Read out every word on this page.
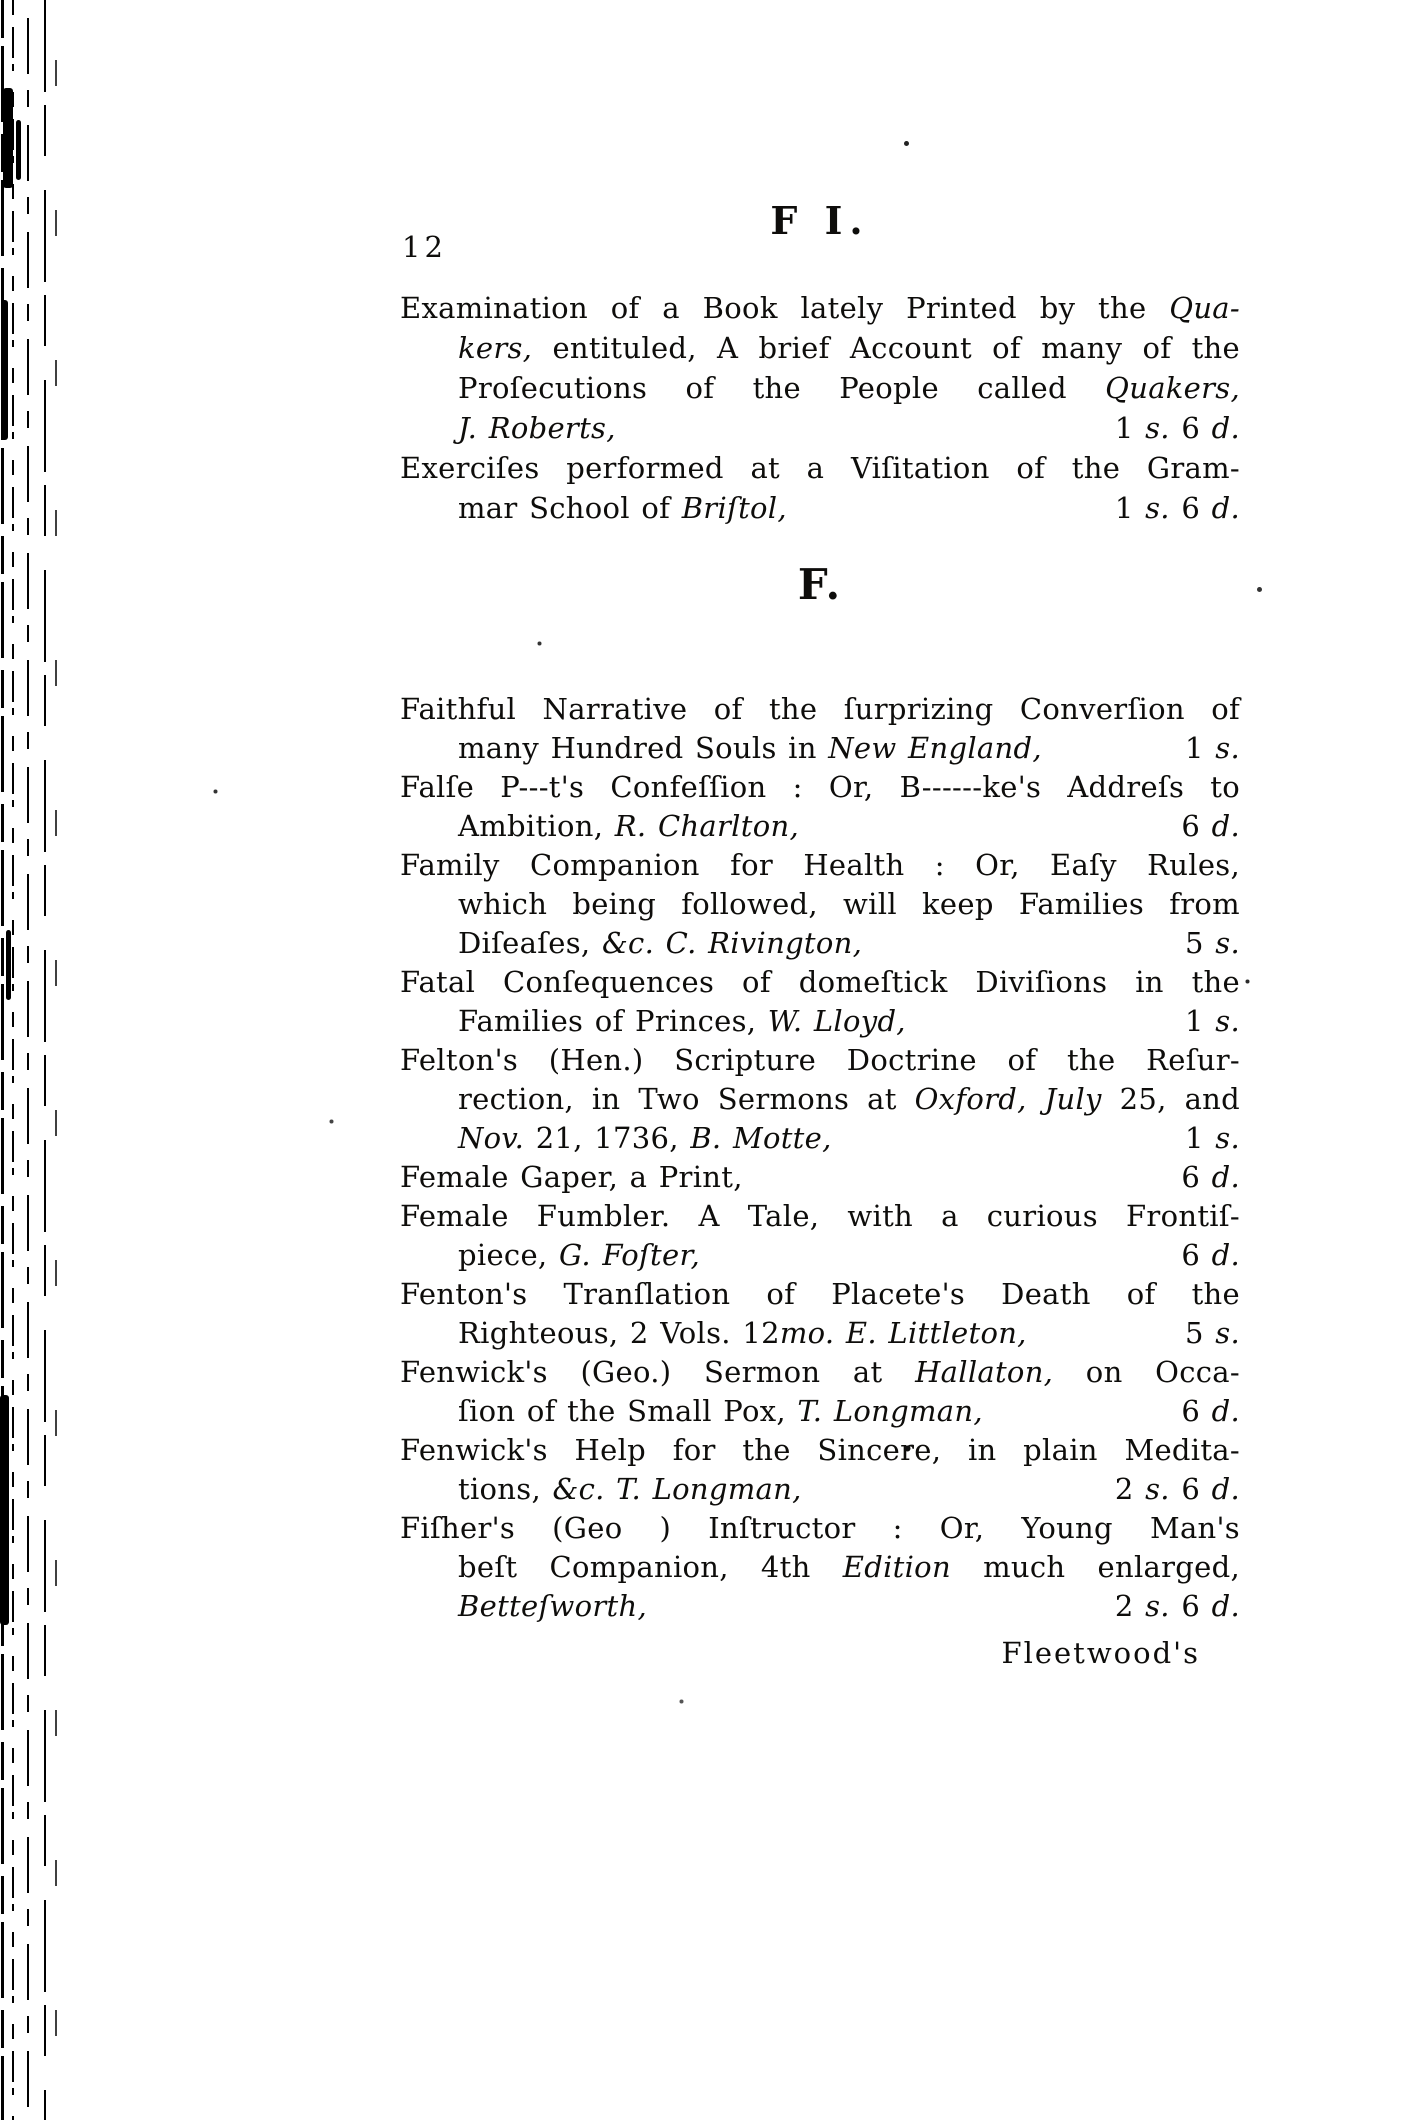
12
F I.
Examination of a Book lately Printed by the Qua-
kers, entituled, A brief Account of many of the
Proſecutions of the People called Quakers,
J. Roberts,	1 s. 6 d.
Exerciſes performed at a Viſitation of the Gram-
mar School of Briſtol,	1 s. 6 d.
F.
Faithful Narrative of the ſurprizing Converſion of
many Hundred Souls in New England,	1 s.
Falſe P---t's Confeſſion : Or, B------ke's Addreſs to
Ambition, R. Charlton,	6 d.
Family Companion for Health : Or, Eaſy Rules,
which being followed, will keep Families from
Diſeaſes, &c. C. Rivington,	5 s.
Fatal Conſequences of domeſtick Diviſions in the
Families of Princes, W. Lloyd,	1 s.
Felton's (Hen.) Scripture Doctrine of the Reſur-
rection, in Two Sermons at Oxford, July 25, and
Nov. 21, 1736, B. Motte,	1 s.
Female Gaper, a Print,	6 d.
Female Fumbler. A Tale, with a curious Frontiſ-
piece, G. Foſter,	6 d.
Fenton's Tranſlation of Placete's Death of the
Righteous, 2 Vols. 12mo. E. Littleton,	5 s.
Fenwick's (Geo.) Sermon at Hallaton, on Occa-
ſion of the Small Pox, T. Longman,	6 d.
Fenwick's Help for the Sincere, in plain Medita-
tions, &c. T. Longman,	2 s. 6 d.
Fiſher's (Geo ) Inſtructor : Or, Young Man's
beſt Companion, 4th Edition much enlarged,
Betteſworth,	2 s. 6 d.
Fleetwood's
